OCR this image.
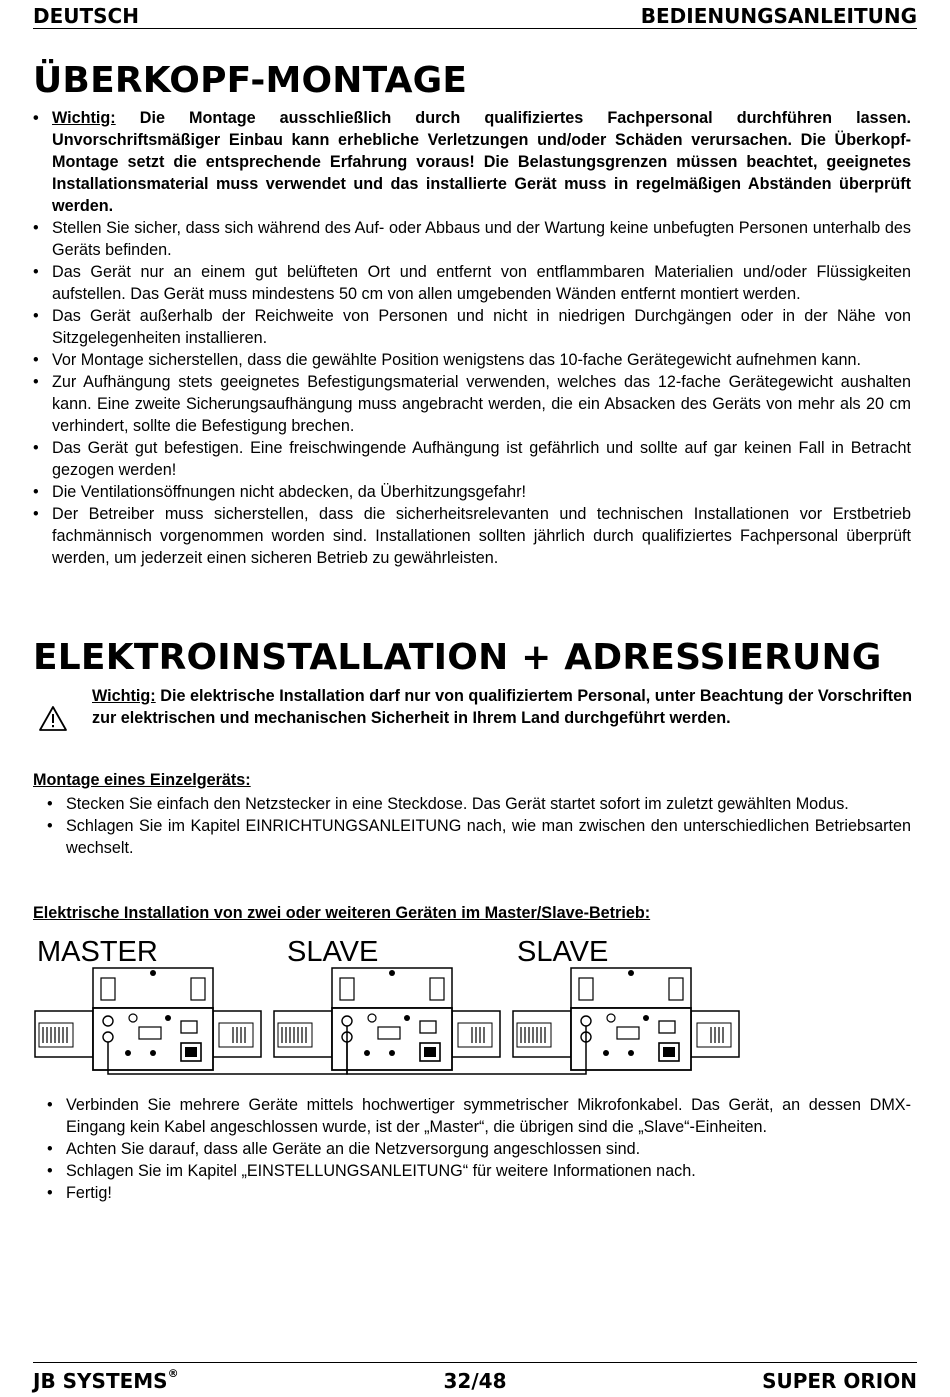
DEUTSCH	BEDIENUNGSANLEITUNG
ÜBERKOPF-MONTAGE
• Wichtig: Die Montage ausschließlich durch qualifiziertes Fachpersonal durchführen lassen. Unvorschriftsmäßiger Einbau kann erhebliche Verletzungen und/oder Schäden verursachen. Die Überkopf-Montage setzt die entsprechende Erfahrung voraus! Die Belastungsgrenzen müssen beachtet, geeignetes Installationsmaterial muss verwendet und das installierte Gerät muss in regelmäßigen Abständen überprüft werden.
• Stellen Sie sicher, dass sich während des Auf- oder Abbaus und der Wartung keine unbefugten Personen unterhalb des Geräts befinden.
• Das Gerät nur an einem gut belüfteten Ort und entfernt von entflammbaren Materialien und/oder Flüssigkeiten aufstellen. Das Gerät muss mindestens 50 cm von allen umgebenden Wänden entfernt montiert werden.
• Das Gerät außerhalb der Reichweite von Personen und nicht in niedrigen Durchgängen oder in der Nähe von Sitzgelegenheiten installieren.
• Vor Montage sicherstellen, dass die gewählte Position wenigstens das 10-fache Gerätegewicht aufnehmen kann.
• Zur Aufhängung stets geeignetes Befestigungsmaterial verwenden, welches das 12-fache Gerätegewicht aushalten kann. Eine zweite Sicherungsaufhängung muss angebracht werden, die ein Absacken des Geräts von mehr als 20 cm verhindert, sollte die Befestigung brechen.
• Das Gerät gut befestigen. Eine freischwingende Aufhängung ist gefährlich und sollte auf gar keinen Fall in Betracht gezogen werden!
• Die Ventilationsöffnungen nicht abdecken, da Überhitzungsgefahr!
• Der Betreiber muss sicherstellen, dass die sicherheitsrelevanten und technischen Installationen vor Erstbetrieb fachmännisch vorgenommen worden sind. Installationen sollten jährlich durch qualifiziertes Fachpersonal überprüft werden, um jederzeit einen sicheren Betrieb zu gewährleisten.
ELEKTROINSTALLATION + ADRESSIERUNG
Wichtig: Die elektrische Installation darf nur von qualifiziertem Personal, unter Beachtung der Vorschriften zur elektrischen und mechanischen Sicherheit in Ihrem Land durchgeführt werden.
Montage eines Einzelgeräts:
• Stecken Sie einfach den Netzstecker in eine Steckdose. Das Gerät startet sofort im zuletzt gewählten Modus.
• Schlagen Sie im Kapitel EINRICHTUNGSANLEITUNG nach, wie man zwischen den unterschiedlichen Betriebsarten wechselt.
Elektrische Installation von zwei oder weiteren Geräten im Master/Slave-Betrieb:
MASTER	SLAVE	SLAVE
• Verbinden Sie mehrere Geräte mittels hochwertiger symmetrischer Mikrofonkabel. Das Gerät, an dessen DMX-Eingang kein Kabel angeschlossen wurde, ist der „Master“, die übrigen sind die „Slave“-Einheiten.
• Achten Sie darauf, dass alle Geräte an die Netzversorgung angeschlossen sind.
• Schlagen Sie im Kapitel „EINSTELLUNGSANLEITUNG“ für weitere Informationen nach.
• Fertig!
JB SYSTEMS®	32/48	SUPER ORION
